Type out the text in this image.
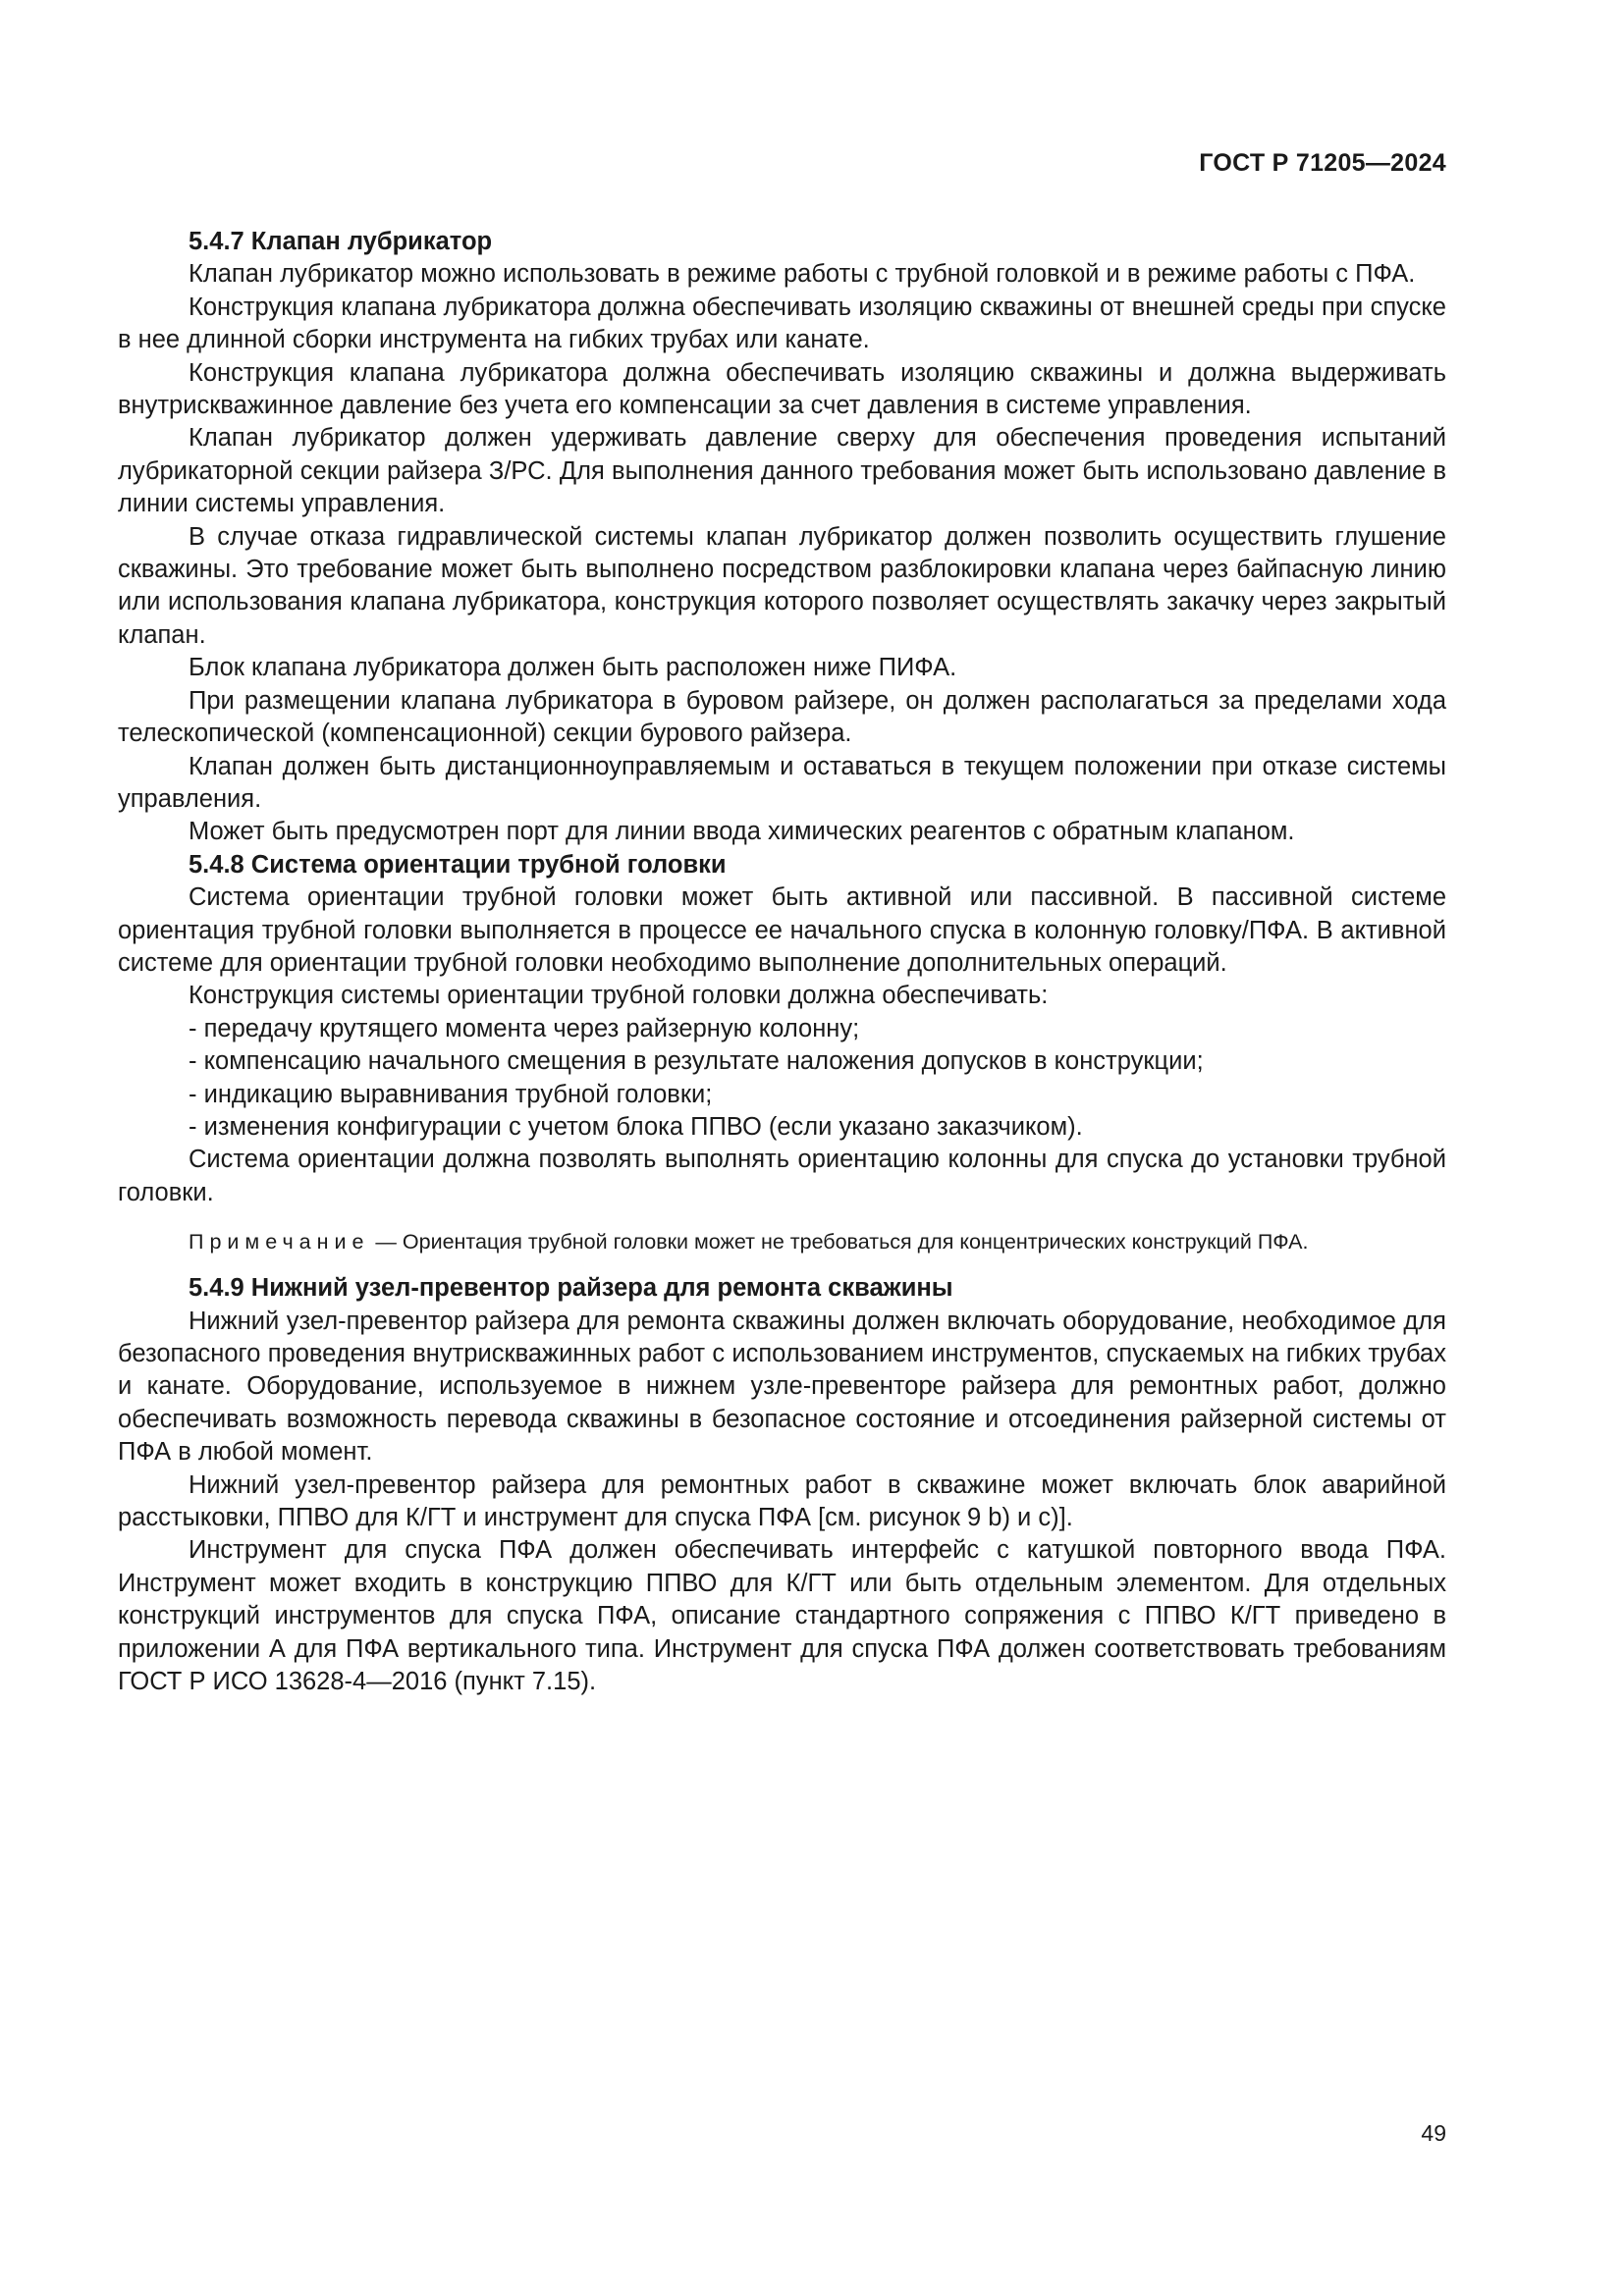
ГОСТ Р 71205—2024
5.4.7 Клапан лубрикатор

Клапан лубрикатор можно использовать в режиме работы с трубной головкой и в режиме работы с ПФА.

Конструкция клапана лубрикатора должна обеспечивать изоляцию скважины от внешней среды при спуске в нее длинной сборки инструмента на гибких трубах или канате.

Конструкция клапана лубрикатора должна обеспечивать изоляцию скважины и должна выдерживать внутрискважинное давление без учета его компенсации за счет давления в системе управления.

Клапан лубрикатор должен удерживать давление сверху для обеспечения проведения испытаний лубрикаторной секции райзера З/РС. Для выполнения данного требования может быть использовано давление в линии системы управления.

В случае отказа гидравлической системы клапан лубрикатор должен позволить осуществить глушение скважины. Это требование может быть выполнено посредством разблокировки клапана через байпасную линию или использования клапана лубрикатора, конструкция которого позволяет осуществлять закачку через закрытый клапан.

Блок клапана лубрикатора должен быть расположен ниже ПИФА.

При размещении клапана лубрикатора в буровом райзере, он должен располагаться за пределами хода телескопической (компенсационной) секции бурового райзера.

Клапан должен быть дистанционноуправляемым и оставаться в текущем положении при отказе системы управления.

Может быть предусмотрен порт для линии ввода химических реагентов с обратным клапаном.

5.4.8 Система ориентации трубной головки

Система ориентации трубной головки может быть активной или пассивной. В пассивной системе ориентация трубной головки выполняется в процессе ее начального спуска в колонную головку/ПФА. В активной системе для ориентации трубной головки необходимо выполнение дополнительных операций.

Конструкция системы ориентации трубной головки должна обеспечивать:

- передачу крутящего момента через райзерную колонну;
- компенсацию начального смещения в результате наложения допусков в конструкции;
- индикацию выравнивания трубной головки;
- изменения конфигурации с учетом блока ППВО (если указано заказчиком).

Система ориентации должна позволять выполнять ориентацию колонны для спуска до установки трубной головки.

Примечание — Ориентация трубной головки может не требоваться для концентрических конструкций ПФА.

5.4.9 Нижний узел-превентор райзера для ремонта скважины

Нижний узел-превентор райзера для ремонта скважины должен включать оборудование, необходимое для безопасного проведения внутрискважинных работ с использованием инструментов, спускаемых на гибких трубах и канате. Оборудование, используемое в нижнем узле-превенторе райзера для ремонтных работ, должно обеспечивать возможность перевода скважины в безопасное состояние и отсоединения райзерной системы от ПФА в любой момент.

Нижний узел-превентор райзера для ремонтных работ в скважине может включать блок аварийной расстыковки, ППВО для К/ГТ и инструмент для спуска ПФА [см. рисунок 9 b) и c)].

Инструмент для спуска ПФА должен обеспечивать интерфейс с катушкой повторного ввода ПФА. Инструмент может входить в конструкцию ППВО для К/ГТ или быть отдельным элементом. Для отдельных конструкций инструментов для спуска ПФА, описание стандартного сопряжения с ППВО К/ГТ приведено в приложении А для ПФА вертикального типа. Инструмент для спуска ПФА должен соответствовать требованиям ГОСТ Р ИСО 13628-4—2016 (пункт 7.15).

49
